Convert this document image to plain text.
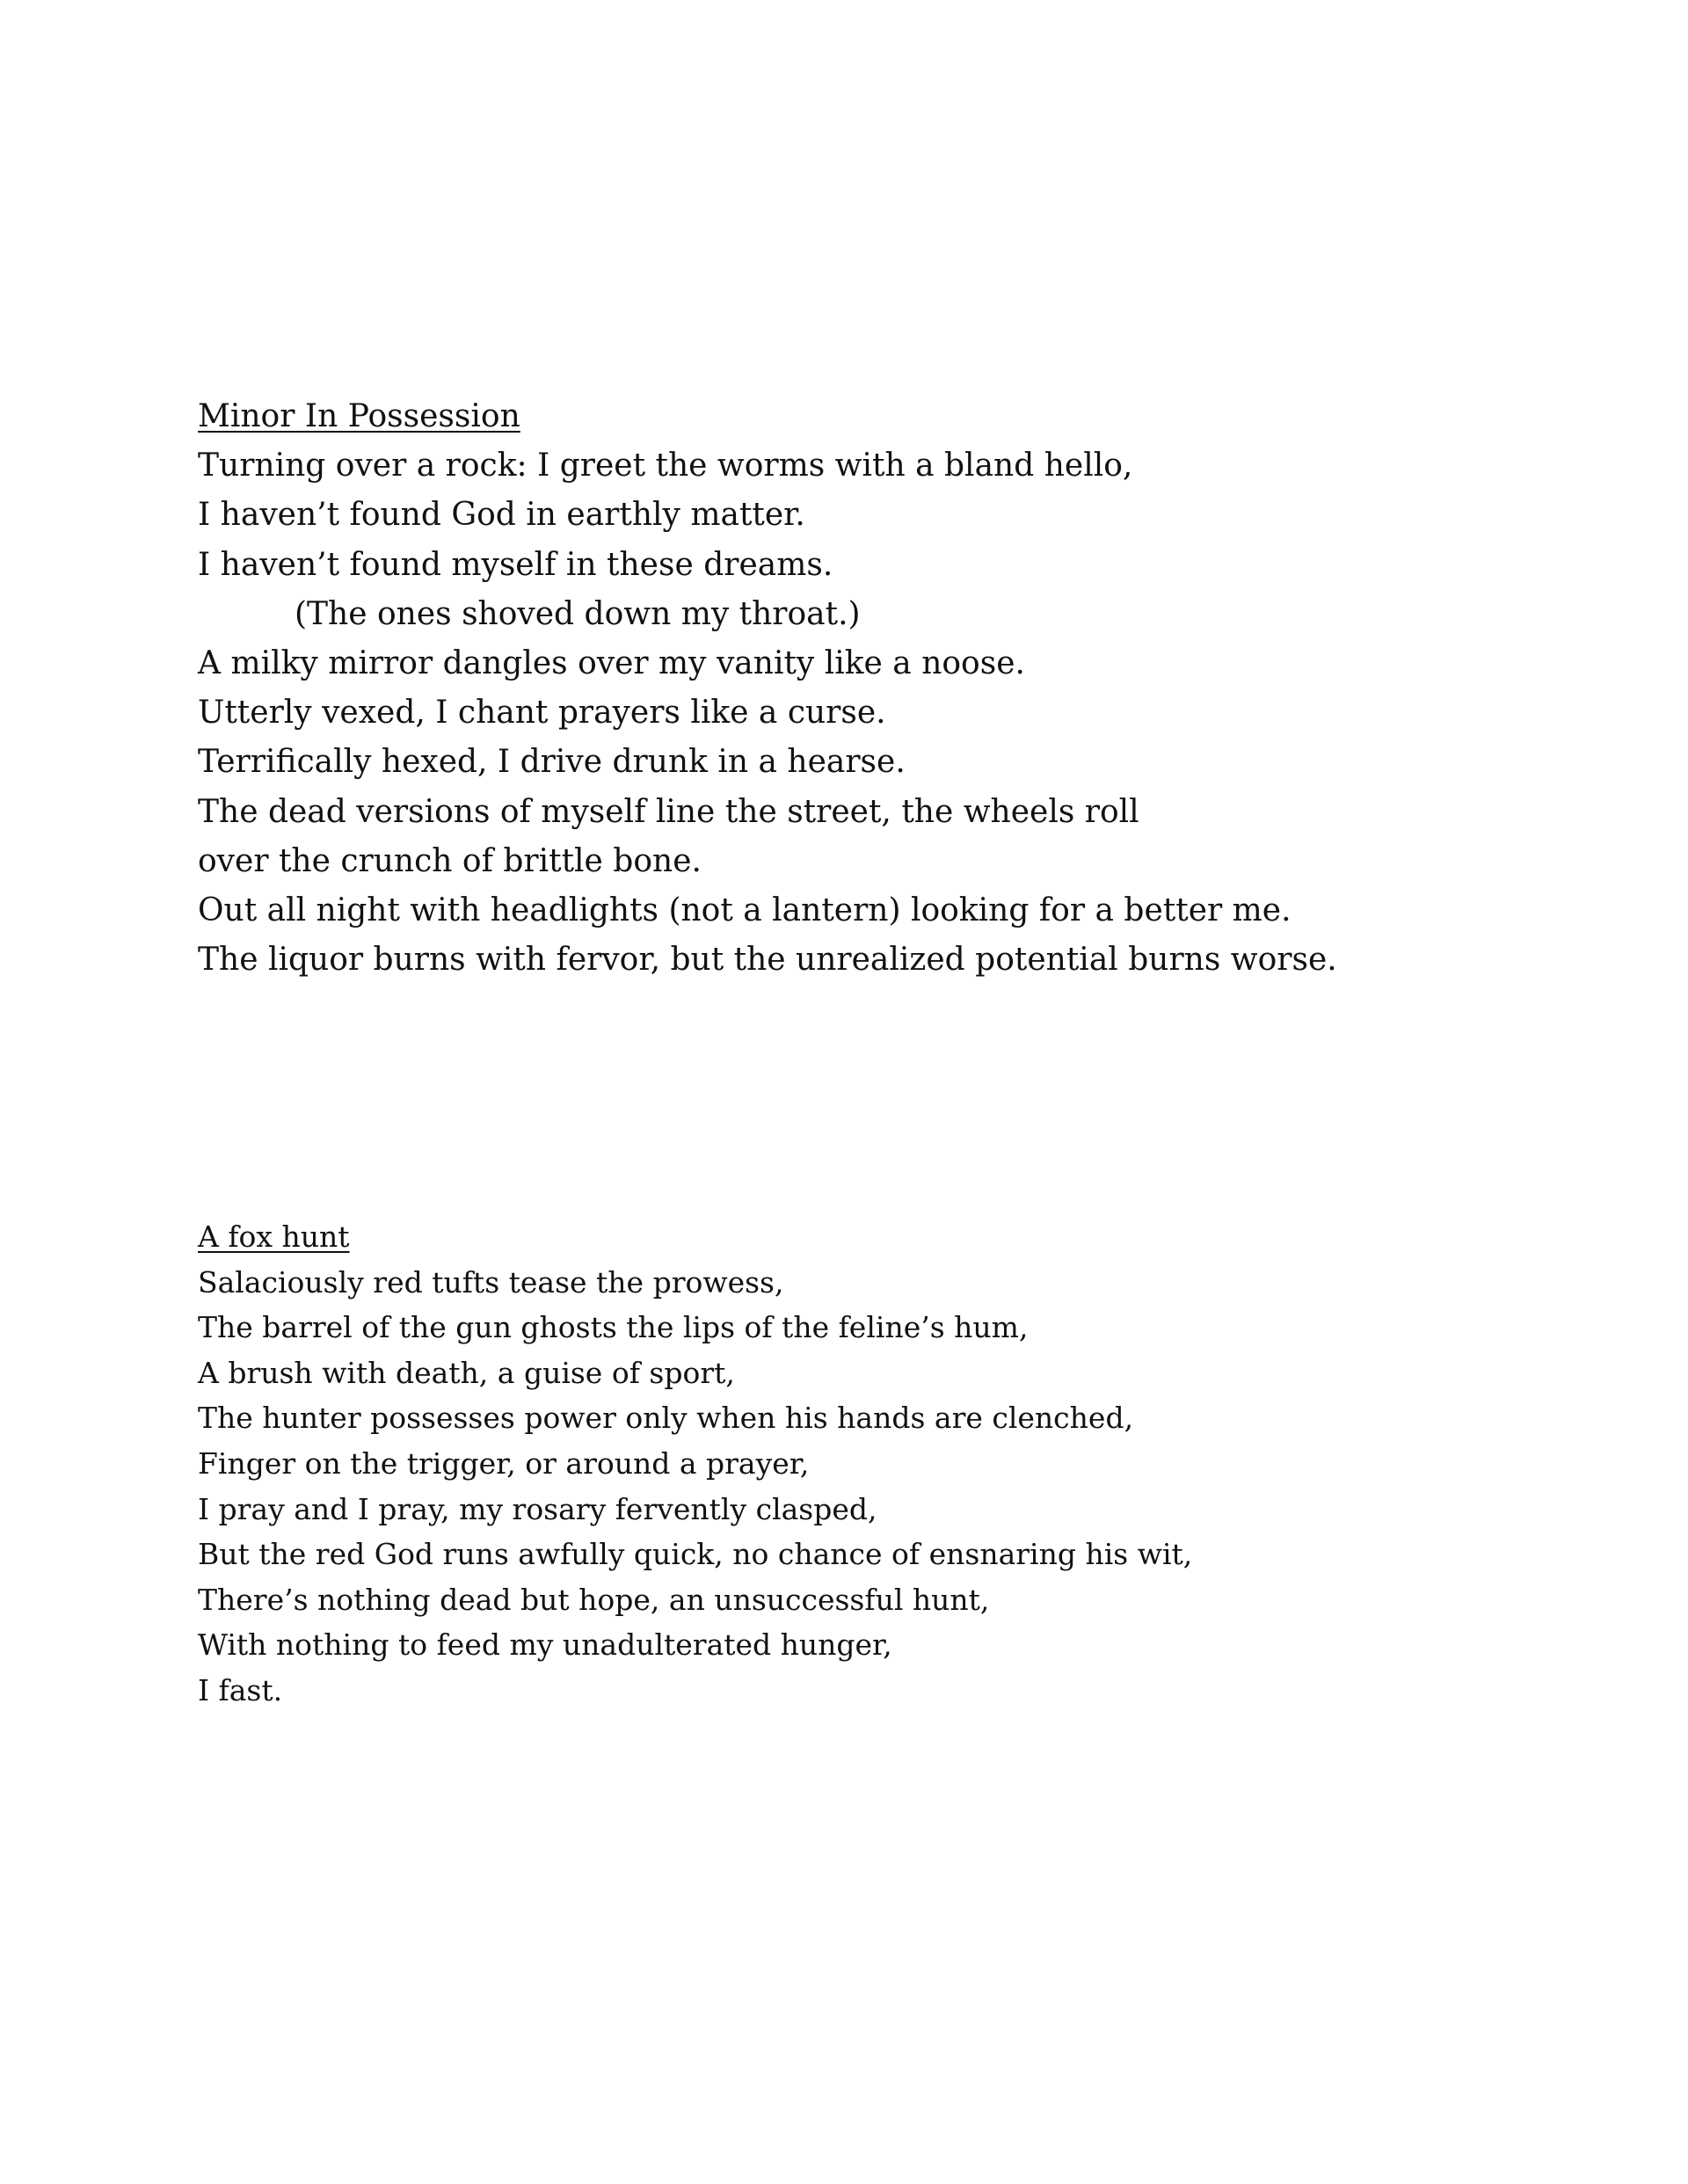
Minor In Possession
Turning over a rock: I greet the worms with a bland hello,
I haven’t found God in earthly matter.
I haven’t found myself in these dreams.
(The ones shoved down my throat.)
A milky mirror dangles over my vanity like a noose.
Utterly vexed, I chant prayers like a curse.
Terrifically hexed, I drive drunk in a hearse.
The dead versions of myself line the street, the wheels roll
over the crunch of brittle bone.
Out all night with headlights (not a lantern) looking for a better me.
The liquor burns with fervor, but the unrealized potential burns worse.
A fox hunt
Salaciously red tufts tease the prowess,
The barrel of the gun ghosts the lips of the feline’s hum,
A brush with death, a guise of sport,
The hunter possesses power only when his hands are clenched,
Finger on the trigger, or around a prayer,
I pray and I pray, my rosary fervently clasped,
But the red God runs awfully quick, no chance of ensnaring his wit,
There’s nothing dead but hope, an unsuccessful hunt,
With nothing to feed my unadulterated hunger,
I fast.
